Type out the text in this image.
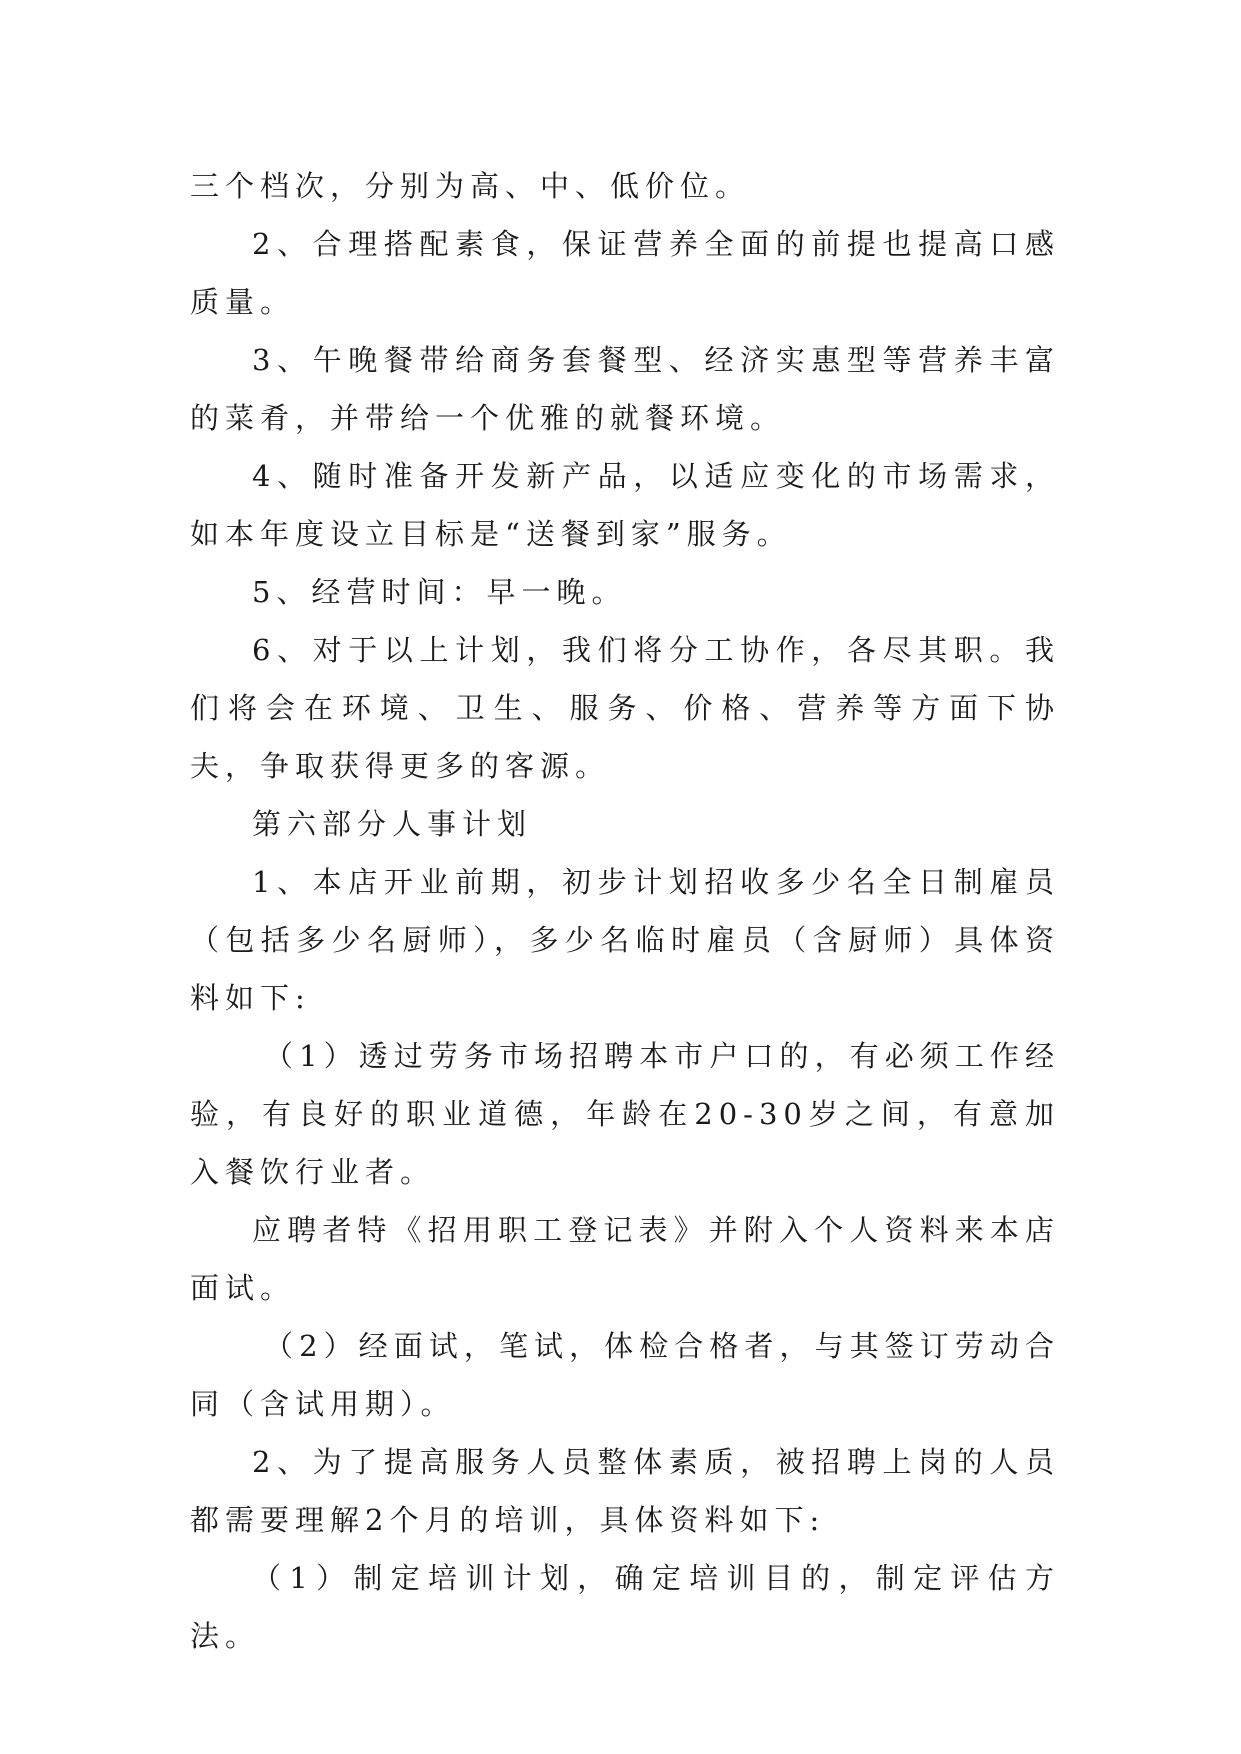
三个档次，分别为高、中、低价位。

2、合理搭配素食，保证营养全面的前提也提高口感质量。

3、午晚餐带给商务套餐型、经济实惠型等营养丰富的菜肴，并带给一个优雅的就餐环境。

4、随时准备开发新产品，以适应变化的市场需求，如本年度设立目标是“送餐到家”服务。

5、经营时间：早一晚。

6、对于以上计划，我们将分工协作，各尽其职。我们将会在环境、卫生、服务、价格、营养等方面下协夫，争取获得更多的客源。

第六部分人事计划

1、本店开业前期，初步计划招收多少名全日制雇员（包括多少名厨师），多少名临时雇员（含厨师）具体资料如下:

（1）透过劳务市场招聘本市户口的，有必须工作经验，有良好的职业道德，年龄在20-30岁之间，有意加入餐饮行业者。

应聘者特《招用职工登记表》并附入个人资料来本店面试。

（2）经面试，笔试，体检合格者，与其签订劳动合同（含试用期）。

2、为了提高服务人员整体素质，被招聘上岗的人员都需要理解2个月的培训，具体资料如下:

（1）制定培训计划，确定培训目的，制定评估方法。
